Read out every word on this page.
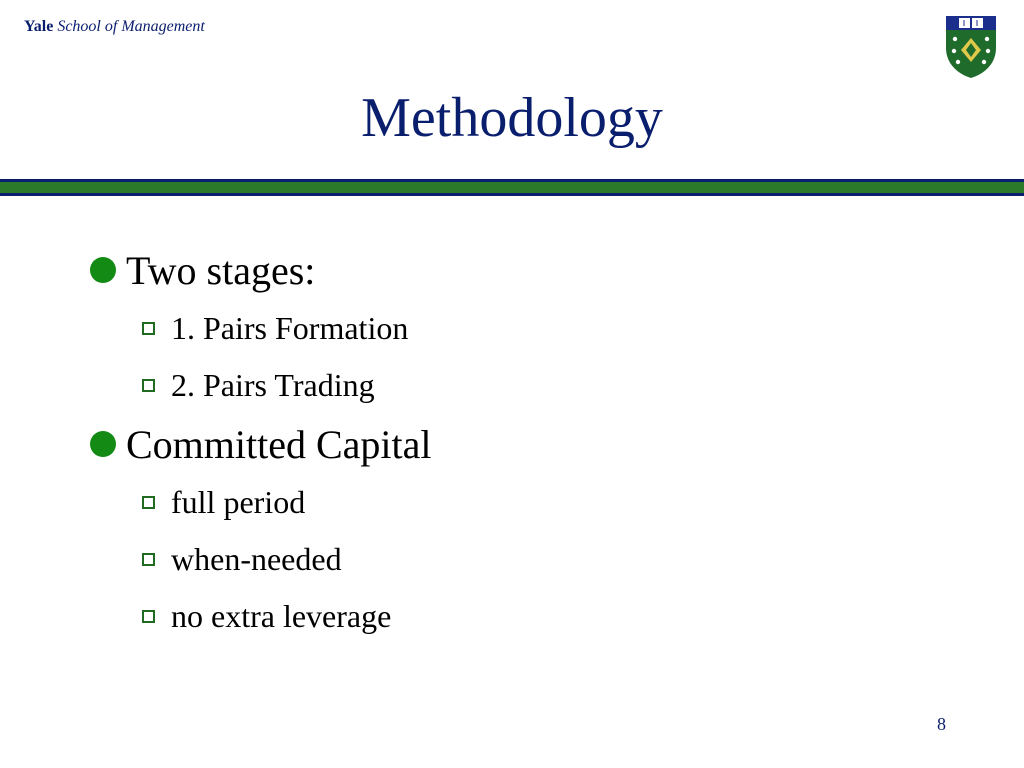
Yale School of Management
Methodology
Two stages:
1. Pairs Formation
2. Pairs Trading
Committed Capital
full period
when-needed
no extra leverage
8
